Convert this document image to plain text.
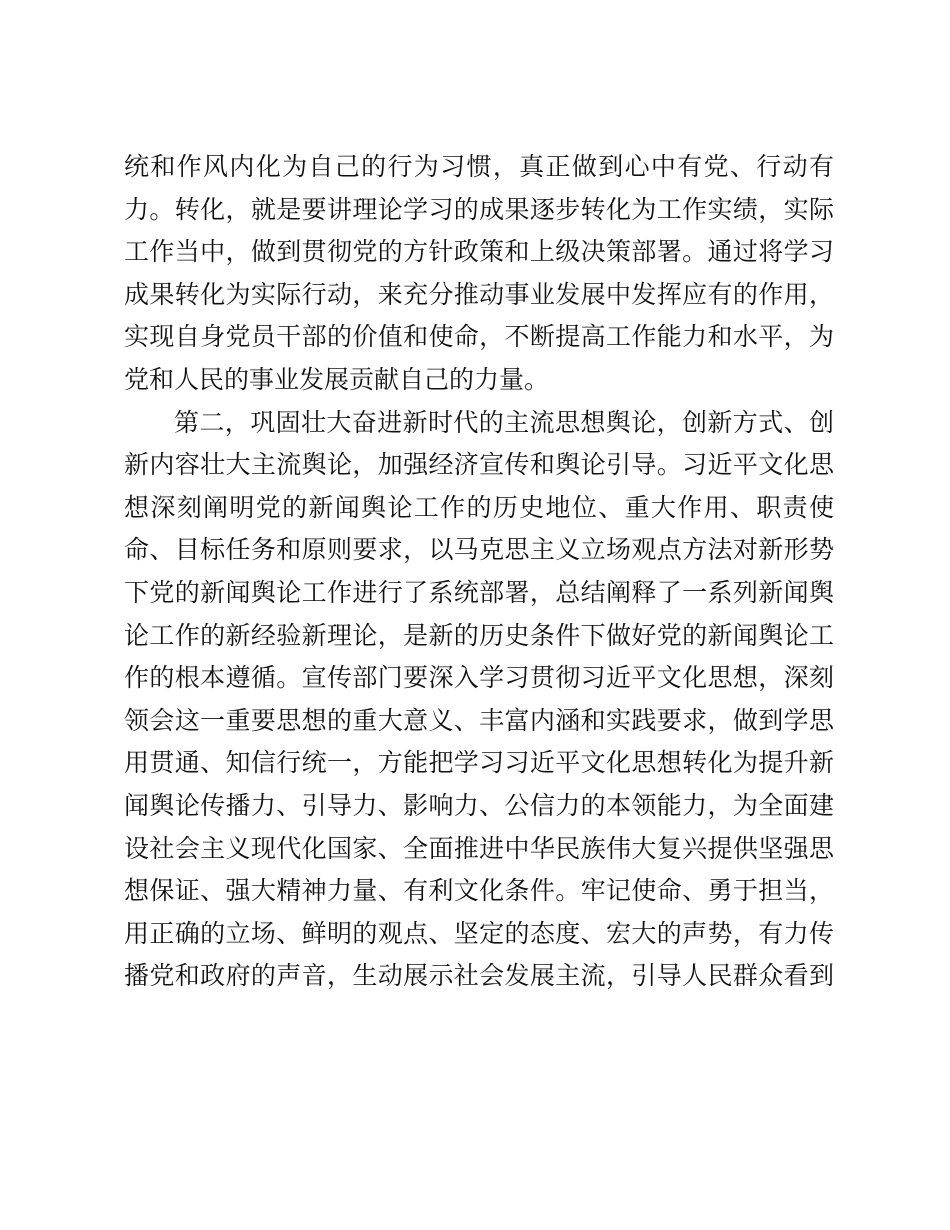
统和作风内化为自己的行为习惯，真正做到心中有党、行动有
力。转化，就是要讲理论学习的成果逐步转化为工作实绩，实际
工作当中，做到贯彻党的方针政策和上级决策部署。通过将学习
成果转化为实际行动，来充分推动事业发展中发挥应有的作用，
实现自身党员干部的价值和使命，不断提高工作能力和水平，为
党和人民的事业发展贡献自己的力量。
第二，巩固壮大奋进新时代的主流思想舆论，创新方式、创
新内容壮大主流舆论，加强经济宣传和舆论引导。习近平文化思
想深刻阐明党的新闻舆论工作的历史地位、重大作用、职责使
命、目标任务和原则要求，以马克思主义立场观点方法对新形势
下党的新闻舆论工作进行了系统部署，总结阐释了一系列新闻舆
论工作的新经验新理论，是新的历史条件下做好党的新闻舆论工
作的根本遵循。宣传部门要深入学习贯彻习近平文化思想，深刻
领会这一重要思想的重大意义、丰富内涵和实践要求，做到学思
用贯通、知信行统一，方能把学习习近平文化思想转化为提升新
闻舆论传播力、引导力、影响力、公信力的本领能力，为全面建
设社会主义现代化国家、全面推进中华民族伟大复兴提供坚强思
想保证、强大精神力量、有利文化条件。牢记使命、勇于担当，
用正确的立场、鲜明的观点、坚定的态度、宏大的声势，有力传
播党和政府的声音，生动展示社会发展主流，引导人民群众看到
